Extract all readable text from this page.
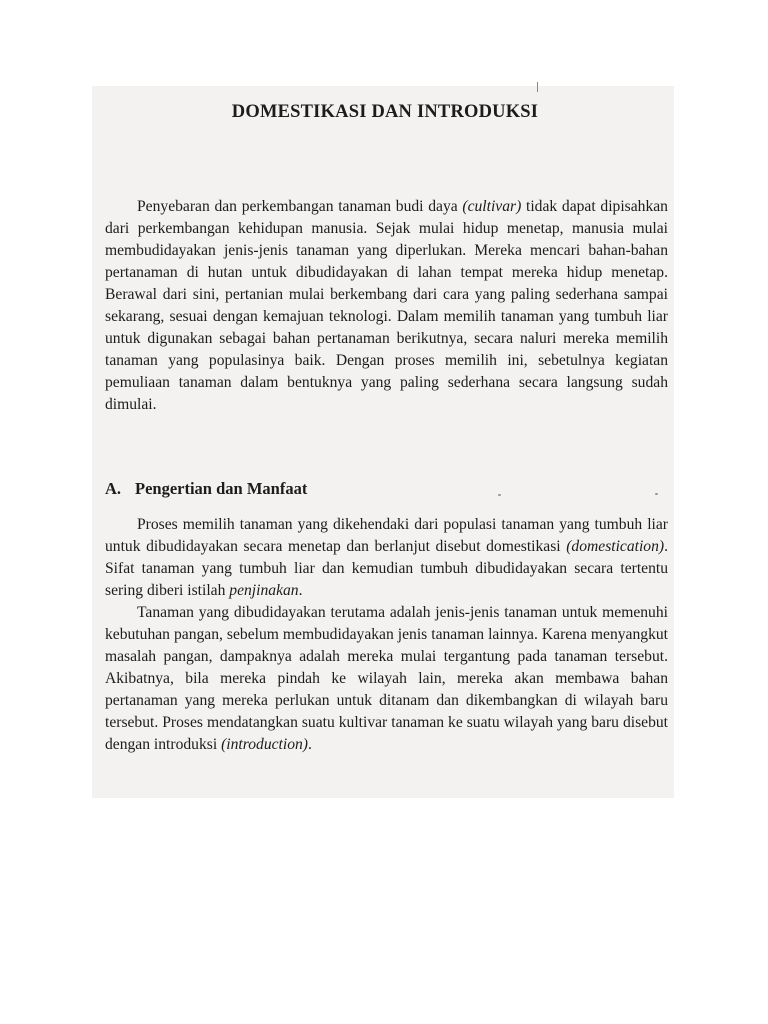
DOMESTIKASI DAN INTRODUKSI

Penyebaran dan perkembangan tanaman budi daya (cultivar) tidak dapat dipisahkan dari perkembangan kehidupan manusia. Sejak mulai hidup menetap, manusia mulai membudidayakan jenis-jenis tanaman yang diperlukan. Mereka mencari bahan-bahan pertanaman di hutan untuk dibudidayakan di lahan tempat mereka hidup menetap. Berawal dari sini, pertanian mulai berkembang dari cara yang paling sederhana sampai sekarang, sesuai dengan kemajuan teknologi. Dalam memilih tanaman yang tumbuh liar untuk digunakan sebagai bahan pertanaman berikutnya, secara naluri mereka memilih tanaman yang populasinya baik. Dengan proses memilih ini, sebetulnya kegiatan pemuliaan tanaman dalam bentuknya yang paling sederhana secara langsung sudah dimulai.

A. Pengertian dan Manfaat

Proses memilih tanaman yang dikehendaki dari populasi tanaman yang tumbuh liar untuk dibudidayakan secara menetap dan berlanjut disebut domestikasi (domestication). Sifat tanaman yang tumbuh liar dan kemudian tumbuh dibudidayakan secara tertentu sering diberi istilah penjinakan.

Tanaman yang dibudidayakan terutama adalah jenis-jenis tanaman untuk memenuhi kebutuhan pangan, sebelum membudidayakan jenis tanaman lainnya. Karena menyangkut masalah pangan, dampaknya adalah mereka mulai tergantung pada tanaman tersebut. Akibatnya, bila mereka pindah ke wilayah lain, mereka akan membawa bahan pertanaman yang mereka perlukan untuk ditanam dan dikembangkan di wilayah baru tersebut. Proses mendatangkan suatu kultivar tanaman ke suatu wilayah yang baru disebut dengan introduksi (introduction).
